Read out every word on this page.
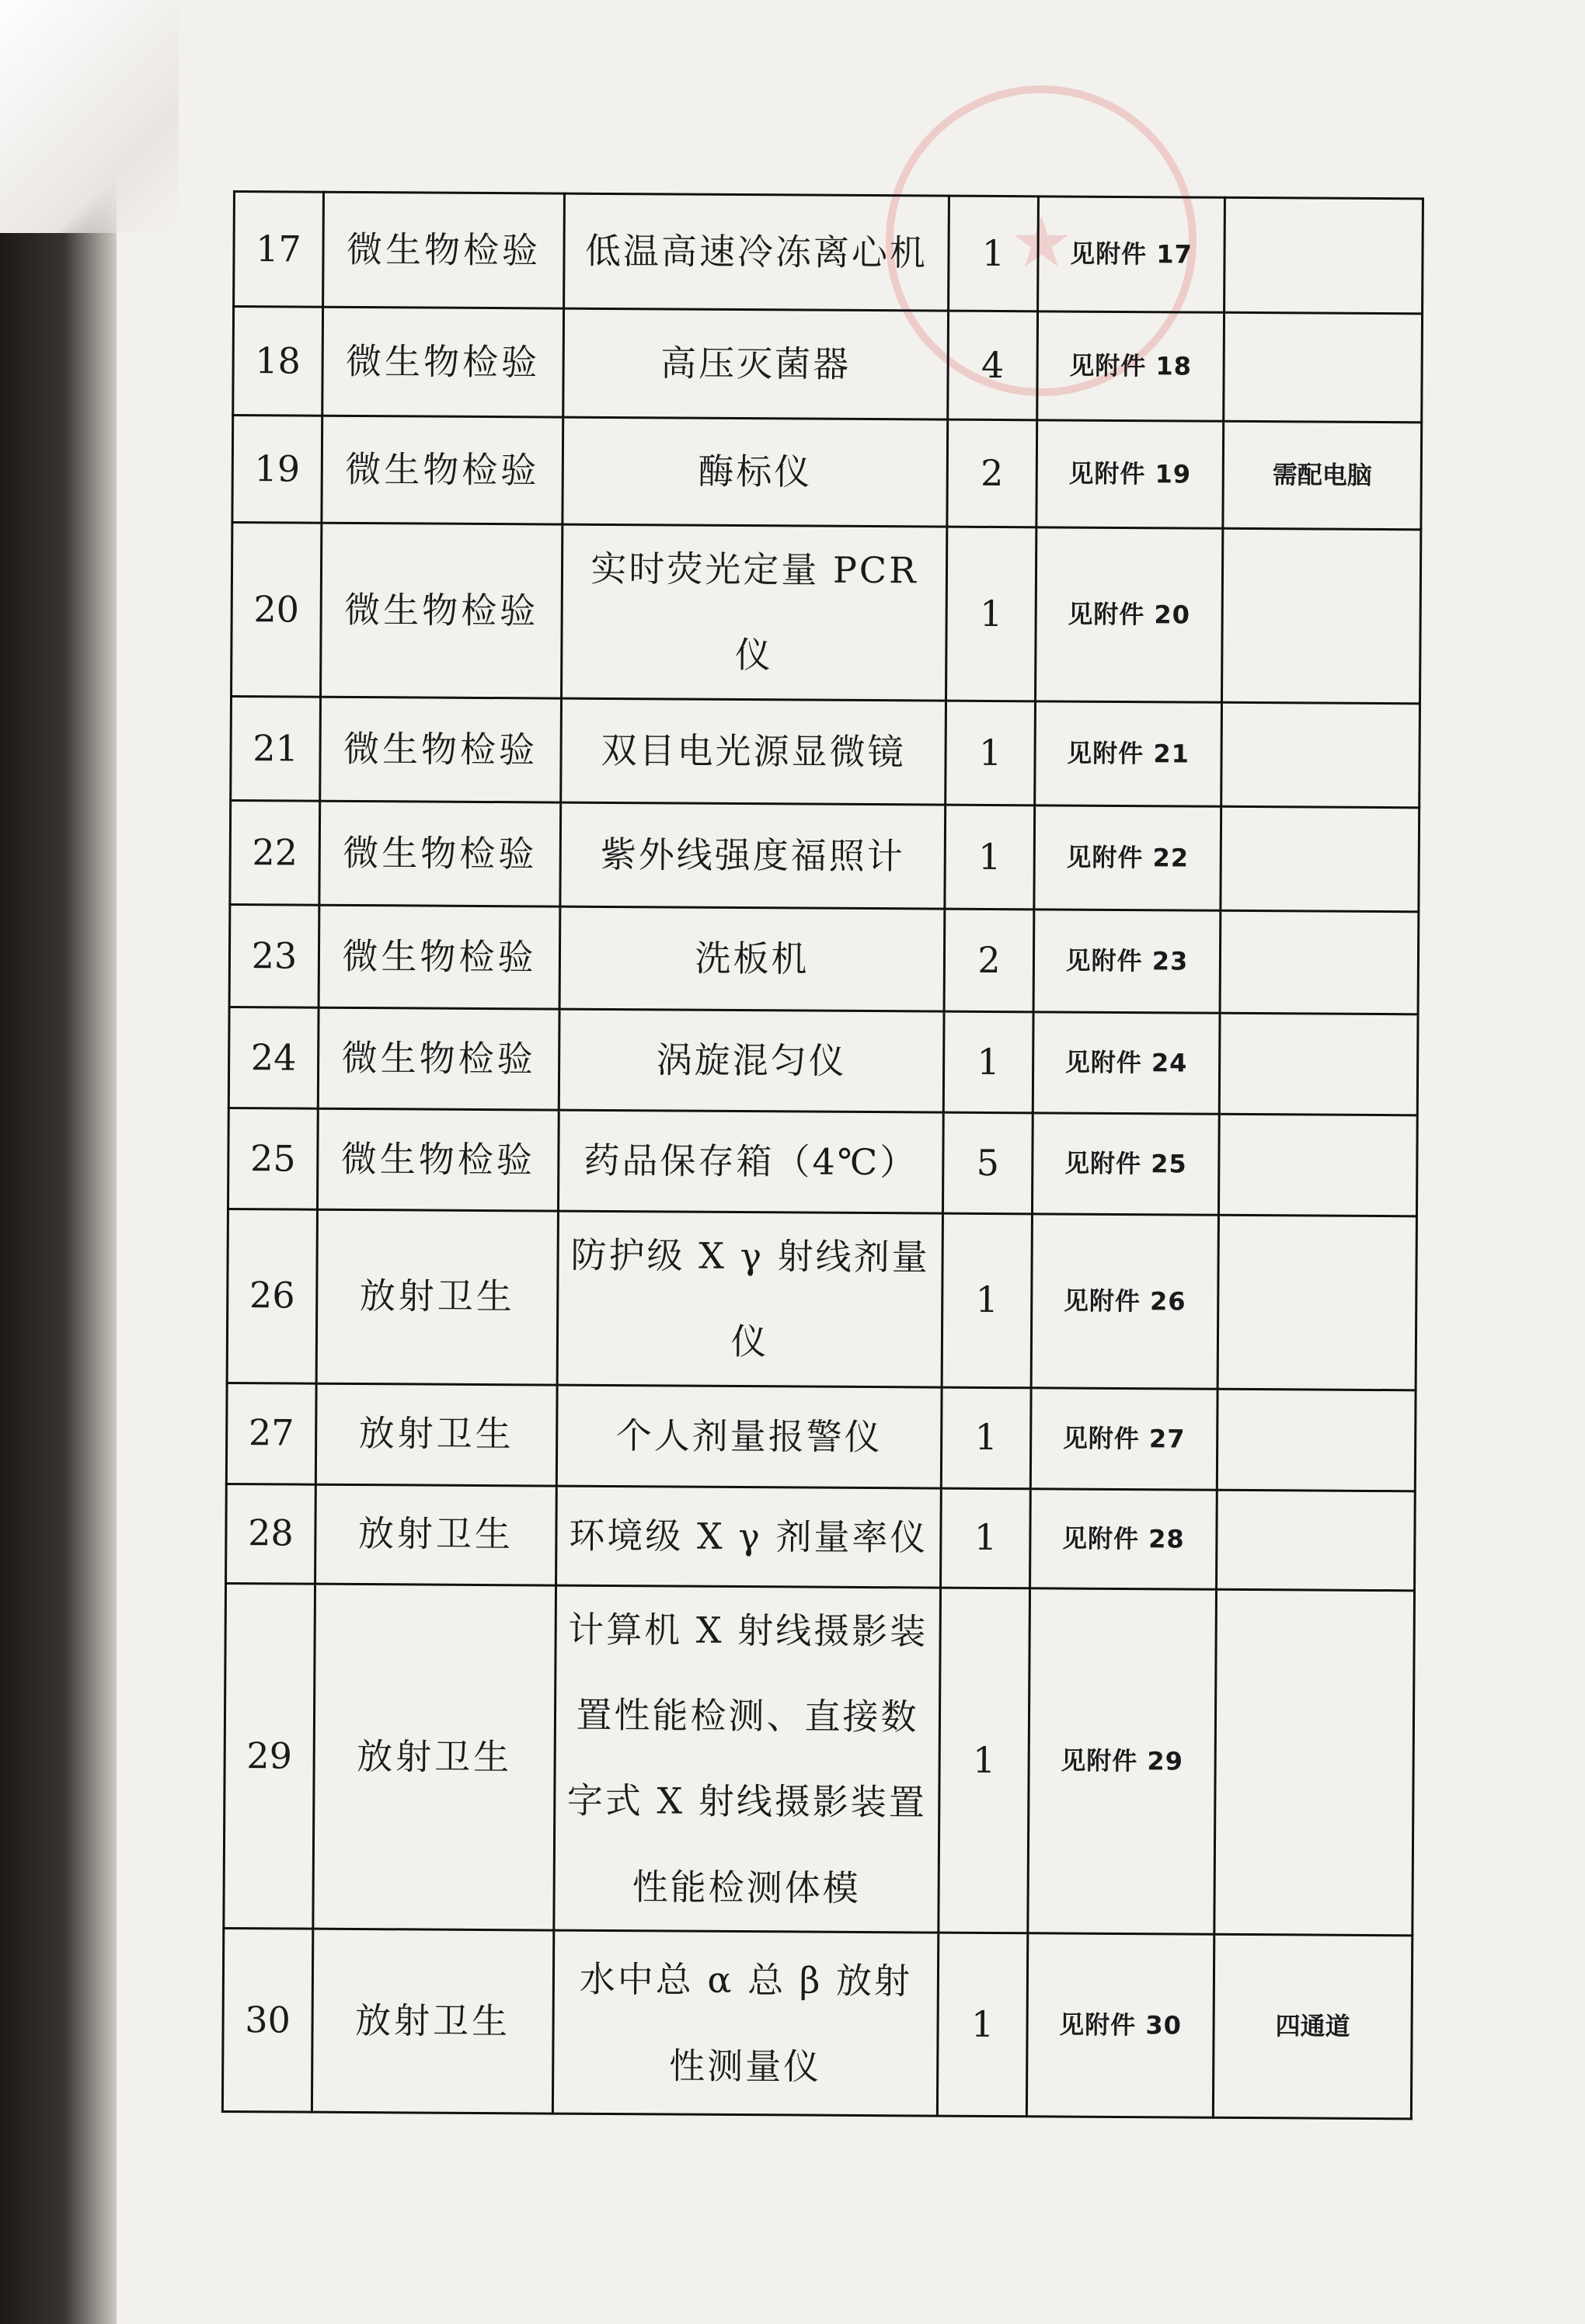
★
17	微生物检验	低温高速冷冻离心机	1	见附件 17	
18	微生物检验	高压灭菌器	4	见附件 18	
19	微生物检验	酶标仪	2	见附件 19	需配电脑
20	微生物检验	实时荧光定量 PCR 仪	1	见附件 20	
21	微生物检验	双目电光源显微镜	1	见附件 21	
22	微生物检验	紫外线强度福照计	1	见附件 22	
23	微生物检验	洗板机	2	见附件 23	
24	微生物检验	涡旋混匀仪	1	见附件 24	
25	微生物检验	药品保存箱（4℃）	5	见附件 25	
26	放射卫生	防护级 X γ 射线剂量仪	1	见附件 26	
27	放射卫生	个人剂量报警仪	1	见附件 27	
28	放射卫生	环境级 X γ 剂量率仪	1	见附件 28	
29	放射卫生	计算机 X 射线摄影装置性能检测、直接数字式 X 射线摄影装置性能检测体模	1	见附件 29	
30	放射卫生	水中总 α 总 β 放射性测量仪	1	见附件 30	四通道
